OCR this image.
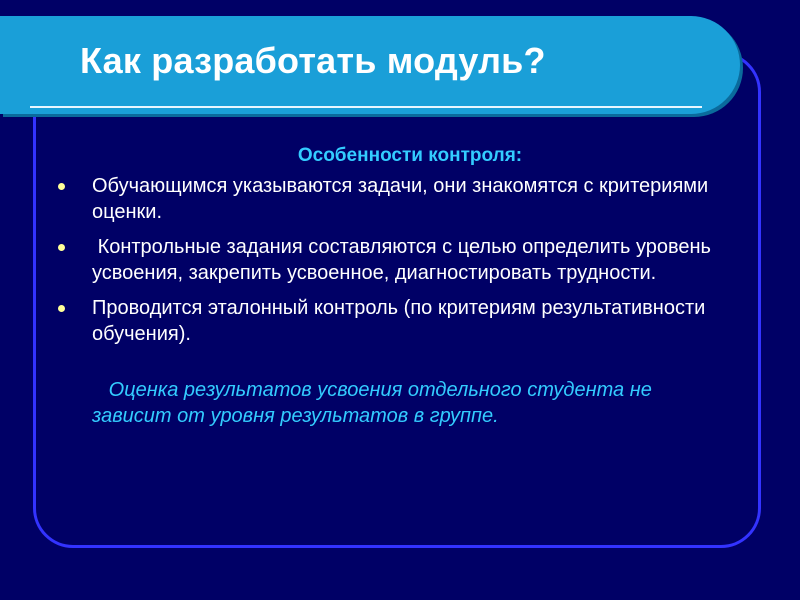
Как разработать модуль?
Особенности контроля:
Обучающимся указываются задачи, они знакомятся с критериями оценки.
Контрольные задания составляются с целью определить уровень усвоения, закрепить усвоенное, диагностировать трудности.
Проводится эталонный контроль (по критериям результативности обучения).
Оценка результатов усвоения отдельного студента не зависит от уровня результатов в группе.
